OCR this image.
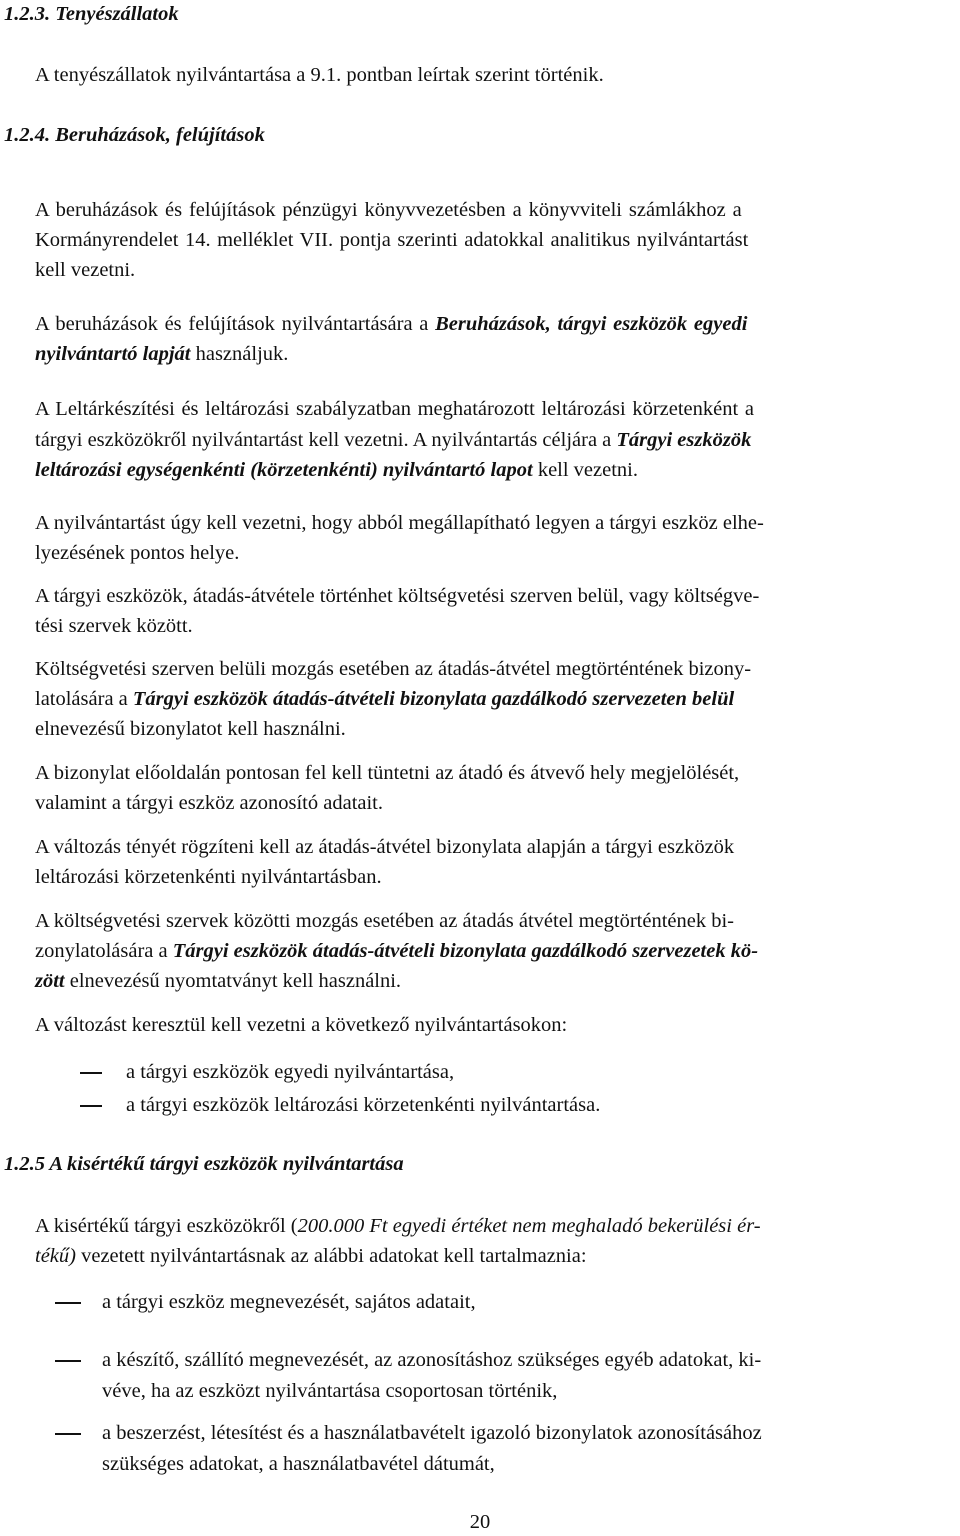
1.2.3. Tenyészállatok
A tenyészállatok nyilvántartása a 9.1. pontban leírtak szerint történik.
1.2.4. Beruházások, felújítások
A beruházások és felújítások pénzügyi könyvvezetésben a könyvviteli számlákhoz a
Kormányrendelet 14. melléklet VII. pontja szerinti adatokkal analitikus nyilvántartást
kell vezetni.
A beruházások és felújítások nyilvántartására a Beruházások, tárgyi eszközök egyedi
nyilvántartó lapját használjuk.
A Leltárkészítési és leltározási szabályzatban meghatározott leltározási körzetenként a
tárgyi eszközökről nyilvántartást kell vezetni. A nyilvántartás céljára a Tárgyi eszközök
leltározási egységenkénti (körzetenkénti) nyilvántartó lapot kell vezetni.
A nyilvántartást úgy kell vezetni, hogy abból megállapítható legyen a tárgyi eszköz elhe-
lyezésének pontos helye.
A tárgyi eszközök, átadás-átvétele történhet költségvetési szerven belül, vagy költségve-
tési szervek között.
Költségvetési szerven belüli mozgás esetében az átadás-átvétel megtörténtének bizony-
latolására a Tárgyi eszközök átadás-átvételi bizonylata gazdálkodó szervezeten belül
elnevezésű bizonylatot kell használni.
A bizonylat előoldalán pontosan fel kell tüntetni az átadó és átvevő hely megjelölését,
valamint a tárgyi eszköz azonosító adatait.
A változás tényét rögzíteni kell az átadás-átvétel bizonylata alapján a tárgyi eszközök
leltározási körzetenkénti nyilvántartásban.
A költségvetési szervek közötti mozgás esetében az átadás átvétel megtörténtének bi-
zonylatolására a Tárgyi eszközök átadás-átvételi bizonylata gazdálkodó szervezetek kö-
zött elnevezésű nyomtatványt kell használni.
A változást keresztül kell vezetni a következő nyilvántartásokon:
a tárgyi eszközök egyedi nyilvántartása,
a tárgyi eszközök leltározási körzetenkénti nyilvántartása.
1.2.5 A kisértékű tárgyi eszközök nyilvántartása
A kisértékű tárgyi eszközökről (200.000 Ft egyedi értéket nem meghaladó bekerülési ér-
tékű) vezetett nyilvántartásnak az alábbi adatokat kell tartalmaznia:
a tárgyi eszköz megnevezését, sajátos adatait,
a készítő, szállító megnevezését, az azonosításhoz szükséges egyéb adatokat, ki-
véve, ha az eszközt nyilvántartása csoportosan történik,
a beszerzést, létesítést és a használatbavételt igazoló bizonylatok azonosításához
szükséges adatokat, a használatbavétel dátumát,
20
